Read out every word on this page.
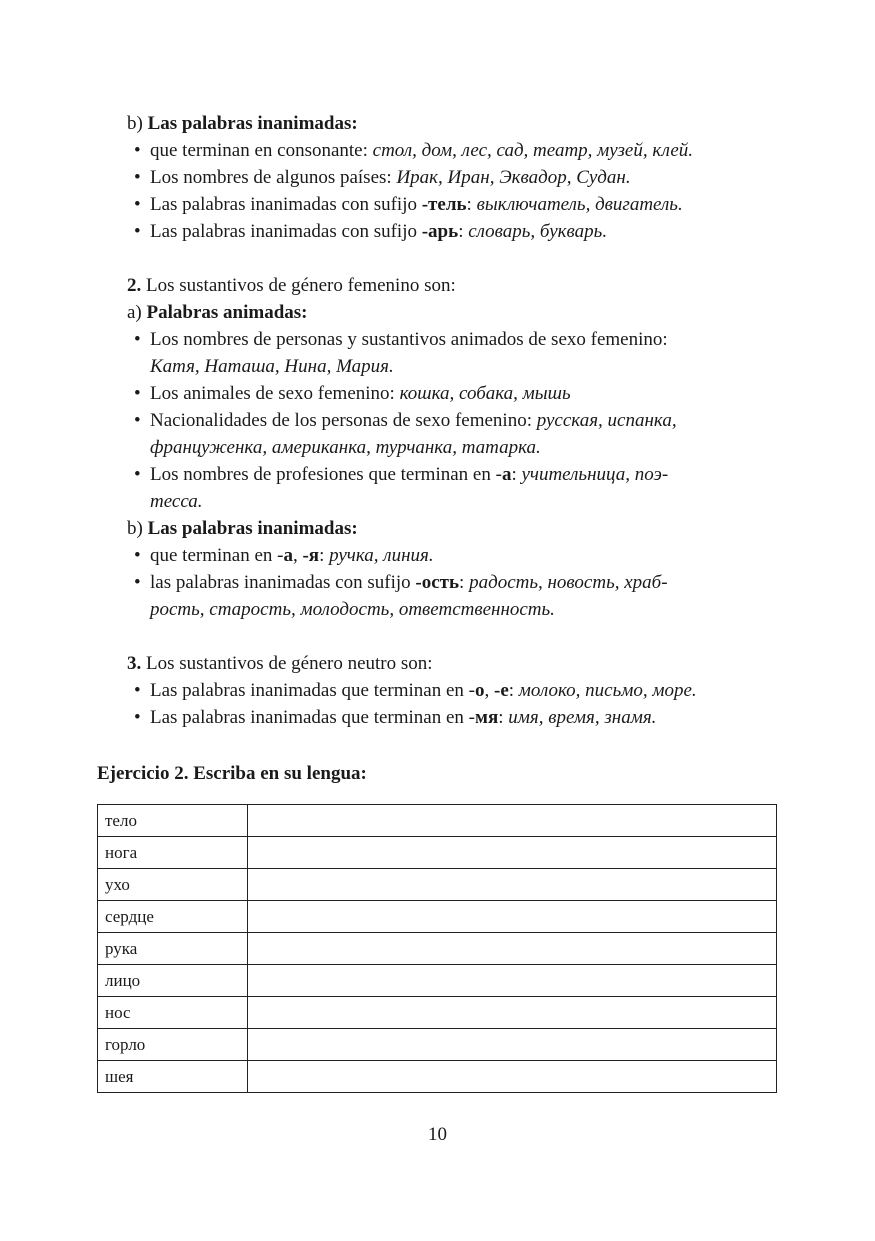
b) Las palabras inanimadas:
• que terminan en consonante: стол, дом, лес, сад, театр, музей, клей.
• Los nombres de algunos países: Ирак, Иран, Эквадор, Судан.
• Las palabras inanimadas con sufijo -тель: выключатель, двигатель.
• Las palabras inanimadas con sufijo -арь: словарь, букварь.
2. Los sustantivos de género femenino son:
a) Palabras animadas:
• Los nombres de personas y sustantivos animados de sexo femenino:
Катя, Наташа, Нина, Мария.
• Los animales de sexo femenino: кошка, собака, мышь
• Nacionalidades de los personas de sexo femenino: русская, испанка,
француженка, американка, турчанка, татарка.
• Los nombres de profesiones que terminan en -а: учительница, поэ-
тесса.
b) Las palabras inanimadas:
• que terminan en -а, -я: ручка, линия.
• las palabras inanimadas con sufijo -ость: радость, новость, храб-
рость, старость, молодость, ответственность.
3. Los sustantivos de género neutro son:
• Las palabras inanimadas que terminan en -о, -е: молоко, письмо, море.
• Las palabras inanimadas que terminan en -мя: имя, время, знамя.
Ejercicio 2. Escriba en su lengua:
тело	
нога	
ухо	
сердце	
рука	
лицо	
нос	
горло	
шея	
10
